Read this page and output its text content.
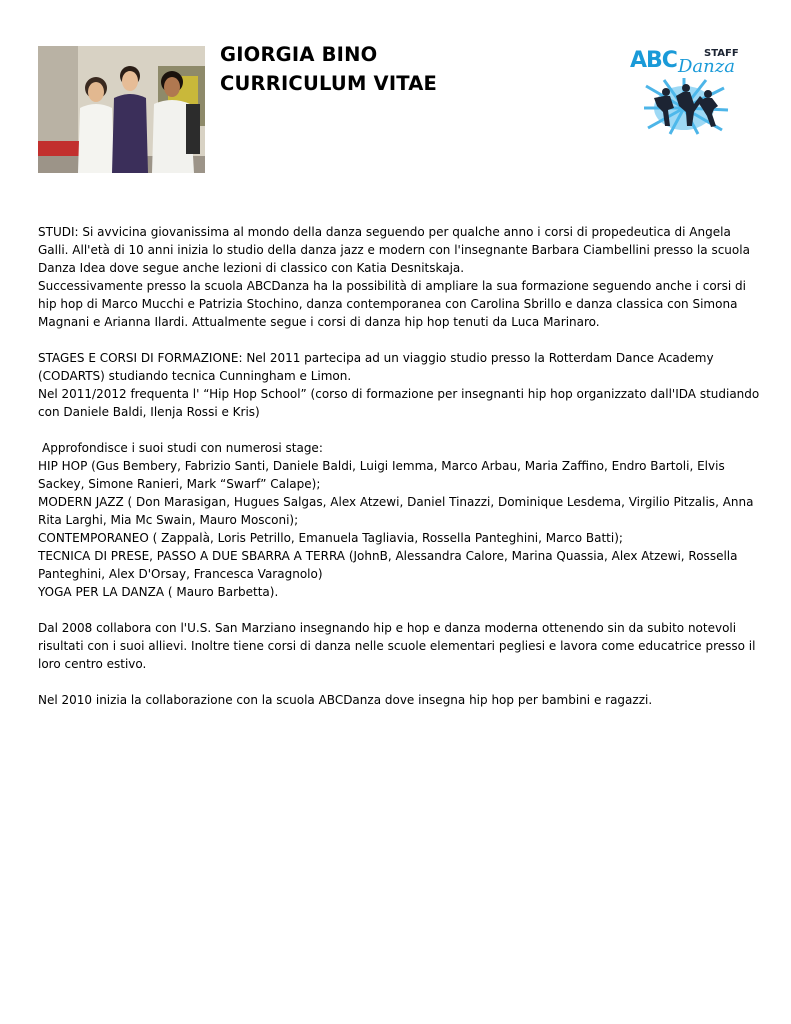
GIORGIA BINO
CURRICULUM VITAE
ABC Danza
STAFF

STUDI: Si avvicina giovanissima al mondo della danza seguendo per qualche anno i corsi di propedeutica di Angela Galli. All'età di 10 anni inizia lo studio della danza jazz e modern con l'insegnante Barbara Ciambellini presso la scuola Danza Idea dove segue anche lezioni di classico con Katia Desnitskaja.

Successivamente presso la scuola ABCDanza ha la possibilità di ampliare la sua formazione seguendo anche i corsi di hip hop di Marco Mucchi e Patrizia Stochino, danza contemporanea con Carolina Sbrillo e danza classica con Simona Magnani e Arianna Ilardi. Attualmente segue i corsi di danza hip hop tenuti da Luca Marinaro.

STAGES E CORSI DI FORMAZIONE: Nel 2011 partecipa ad un viaggio studio presso la Rotterdam Dance Academy (CODARTS) studiando tecnica Cunningham e Limon.

Nel 2011/2012 frequenta l' “Hip Hop School” (corso di formazione per insegnanti hip hop organizzato dall'IDA studiando con Daniele Baldi, Ilenja Rossi e Kris)

Approfondisce i suoi studi con numerosi stage:

HIP HOP (Gus Bembery, Fabrizio Santi, Daniele Baldi, Luigi Iemma, Marco Arbau, Maria Zaffino, Endro Bartoli, Elvis Sackey, Simone Ranieri, Mark “Swarf” Calape);

MODERN JAZZ ( Don Marasigan, Hugues Salgas, Alex Atzewi, Daniel Tinazzi, Dominique Lesdema, Virgilio Pitzalis, Anna Rita Larghi, Mia Mc Swain, Mauro Mosconi);

CONTEMPORANEO ( Zappalà, Loris Petrillo, Emanuela Tagliavia, Rossella Panteghini, Marco Batti);

TECNICA DI PRESE, PASSO A DUE SBARRA A TERRA (JohnB, Alessandra Calore, Marina Quassia, Alex Atzewi, Rossella Panteghini, Alex D'Orsay, Francesca Varagnolo)

YOGA PER LA DANZA ( Mauro Barbetta).

Dal 2008 collabora con l'U.S. San Marziano insegnando hip e hop e danza moderna ottenendo sin da subito notevoli risultati con i suoi allievi. Inoltre tiene corsi di danza nelle scuole elementari pegliesi e lavora come educatrice presso il loro centro estivo.

Nel 2010 inizia la collaborazione con la scuola ABCDanza dove insegna hip hop per bambini e ragazzi.
